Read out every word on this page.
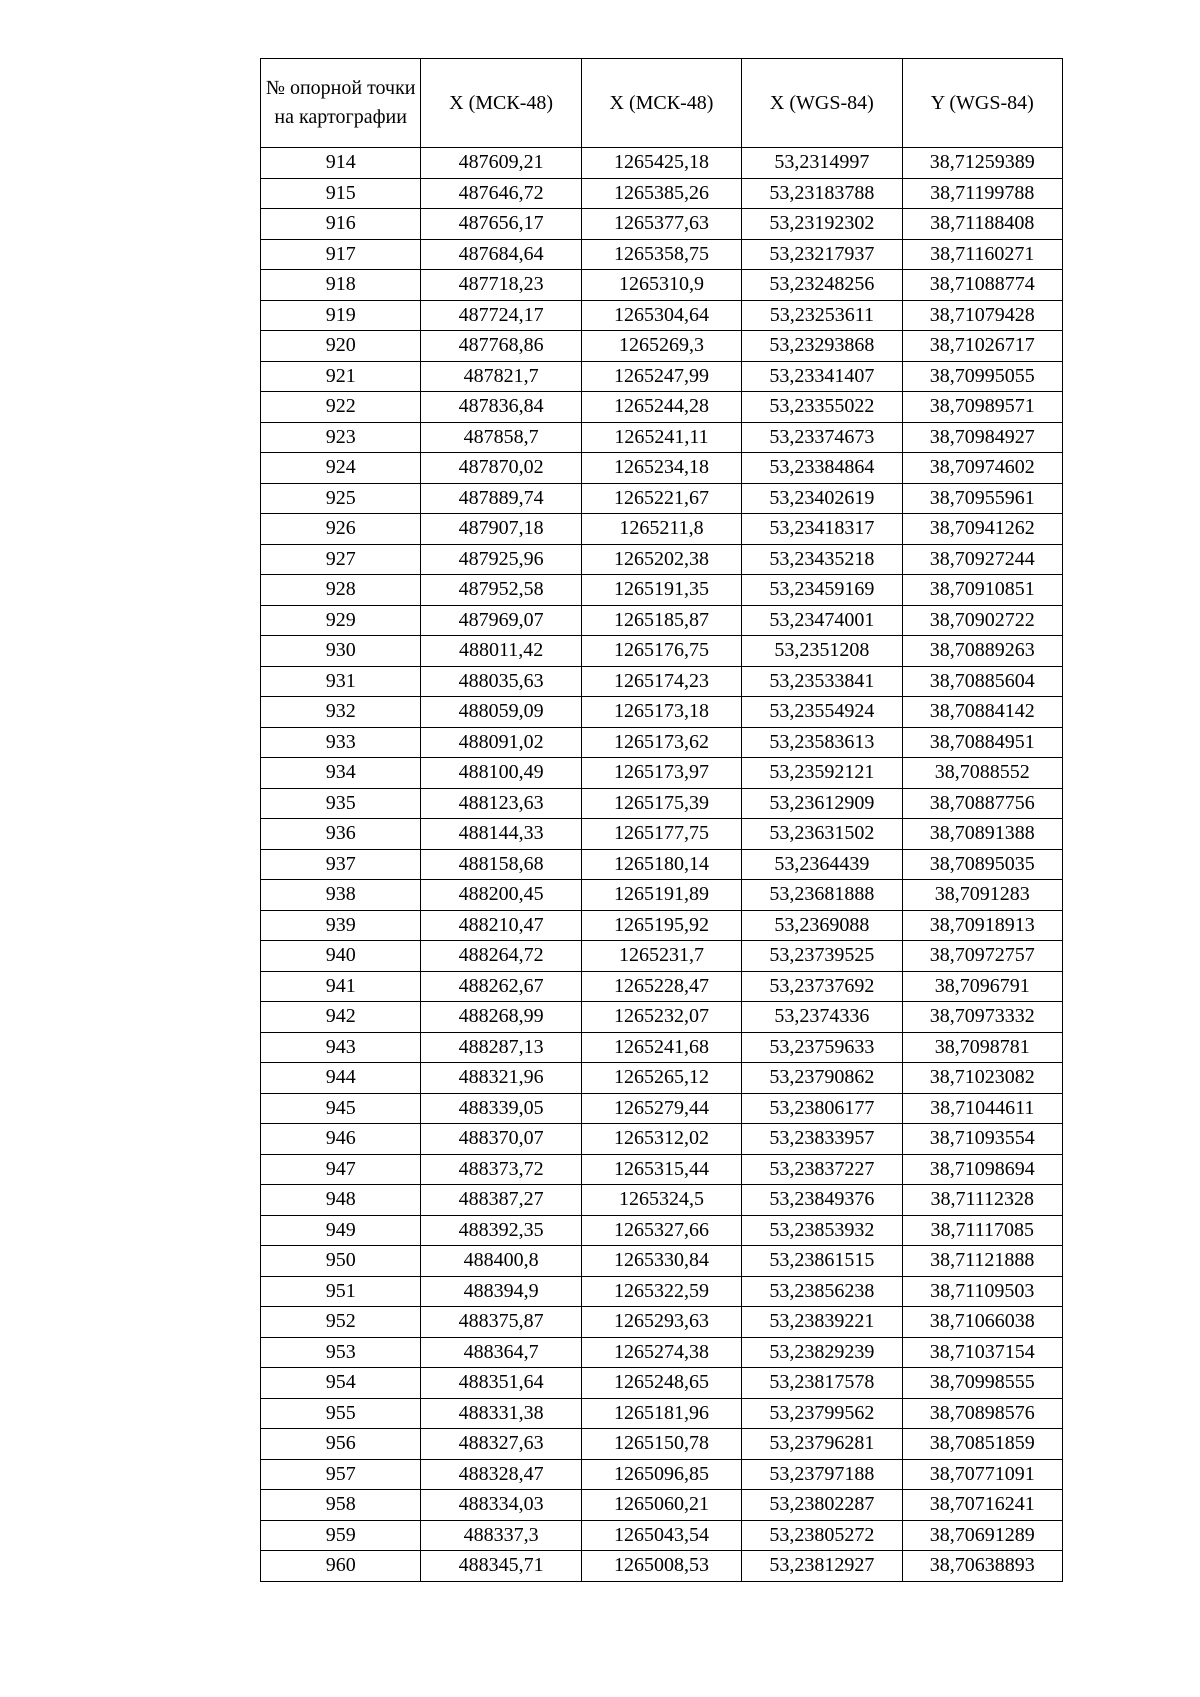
№ опорной точки на картографии	X (МСК-48)	X (МСК-48)	X (WGS-84)	Y (WGS-84)
914	487609,21	1265425,18	53,2314997	38,71259389
915	487646,72	1265385,26	53,23183788	38,71199788
916	487656,17	1265377,63	53,23192302	38,71188408
917	487684,64	1265358,75	53,23217937	38,71160271
918	487718,23	1265310,9	53,23248256	38,71088774
919	487724,17	1265304,64	53,23253611	38,71079428
920	487768,86	1265269,3	53,23293868	38,71026717
921	487821,7	1265247,99	53,23341407	38,70995055
922	487836,84	1265244,28	53,23355022	38,70989571
923	487858,7	1265241,11	53,23374673	38,70984927
924	487870,02	1265234,18	53,23384864	38,70974602
925	487889,74	1265221,67	53,23402619	38,70955961
926	487907,18	1265211,8	53,23418317	38,70941262
927	487925,96	1265202,38	53,23435218	38,70927244
928	487952,58	1265191,35	53,23459169	38,70910851
929	487969,07	1265185,87	53,23474001	38,70902722
930	488011,42	1265176,75	53,2351208	38,70889263
931	488035,63	1265174,23	53,23533841	38,70885604
932	488059,09	1265173,18	53,23554924	38,70884142
933	488091,02	1265173,62	53,23583613	38,70884951
934	488100,49	1265173,97	53,23592121	38,7088552
935	488123,63	1265175,39	53,23612909	38,70887756
936	488144,33	1265177,75	53,23631502	38,70891388
937	488158,68	1265180,14	53,2364439	38,70895035
938	488200,45	1265191,89	53,23681888	38,7091283
939	488210,47	1265195,92	53,2369088	38,70918913
940	488264,72	1265231,7	53,23739525	38,70972757
941	488262,67	1265228,47	53,23737692	38,7096791
942	488268,99	1265232,07	53,2374336	38,70973332
943	488287,13	1265241,68	53,23759633	38,7098781
944	488321,96	1265265,12	53,23790862	38,71023082
945	488339,05	1265279,44	53,23806177	38,71044611
946	488370,07	1265312,02	53,23833957	38,71093554
947	488373,72	1265315,44	53,23837227	38,71098694
948	488387,27	1265324,5	53,23849376	38,71112328
949	488392,35	1265327,66	53,23853932	38,71117085
950	488400,8	1265330,84	53,23861515	38,71121888
951	488394,9	1265322,59	53,23856238	38,71109503
952	488375,87	1265293,63	53,23839221	38,71066038
953	488364,7	1265274,38	53,23829239	38,71037154
954	488351,64	1265248,65	53,23817578	38,70998555
955	488331,38	1265181,96	53,23799562	38,70898576
956	488327,63	1265150,78	53,23796281	38,70851859
957	488328,47	1265096,85	53,23797188	38,70771091
958	488334,03	1265060,21	53,23802287	38,70716241
959	488337,3	1265043,54	53,23805272	38,70691289
960	488345,71	1265008,53	53,23812927	38,70638893
